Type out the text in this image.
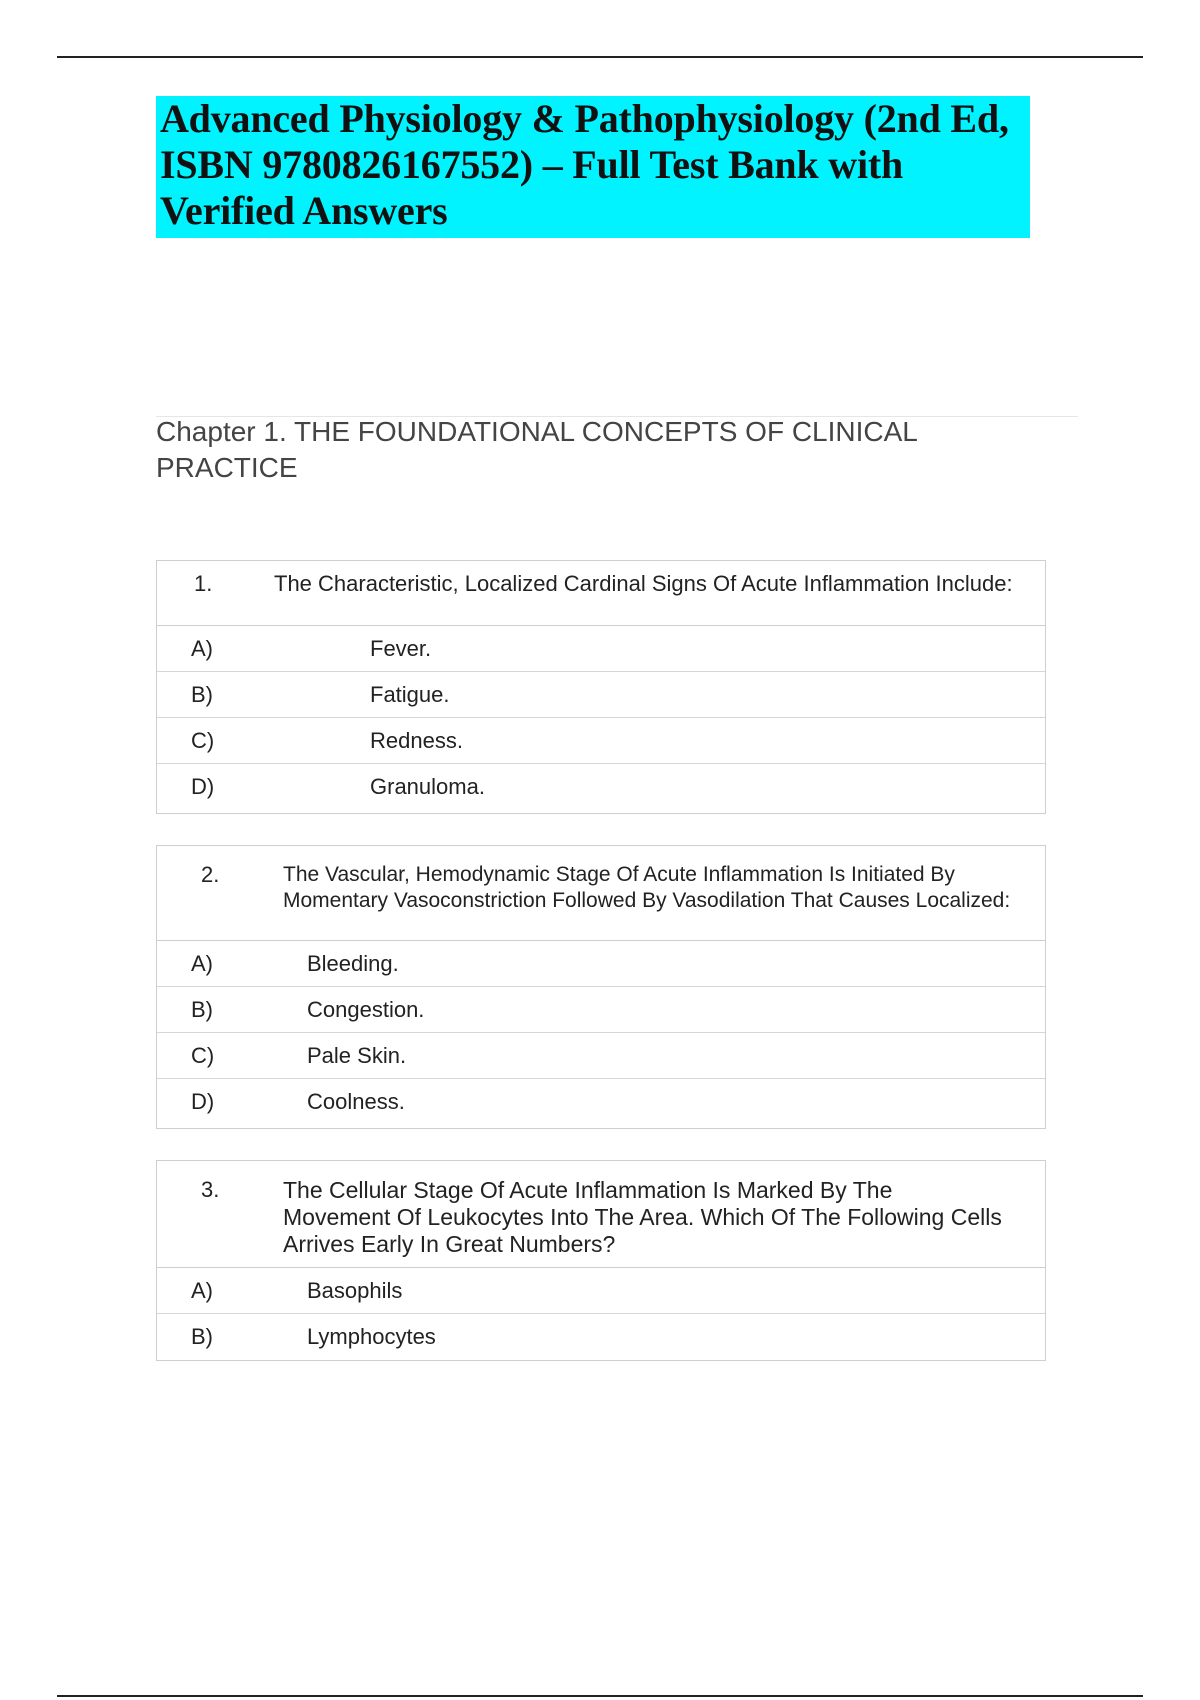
Advanced Physiology & Pathophysiology (2nd Ed, ISBN 9780826167552) – Full Test Bank with Verified Answers
Chapter 1. THE FOUNDATIONAL CONCEPTS OF CLINICAL PRACTICE
1.	The Characteristic, Localized Cardinal Signs Of Acute Inflammation Include:
A)	Fever.
B)	Fatigue.
C)	Redness.
D)	Granuloma.
2.	The Vascular, Hemodynamic Stage Of Acute Inflammation Is Initiated By Momentary Vasoconstriction Followed By Vasodilation That Causes Localized:
A)	Bleeding.
B)	Congestion.
C)	Pale Skin.
D)	Coolness.
3.	The Cellular Stage Of Acute Inflammation Is Marked By The Movement Of Leukocytes Into The Area. Which Of The Following Cells Arrives Early In Great Numbers?
A)	Basophils
B)	Lymphocytes
